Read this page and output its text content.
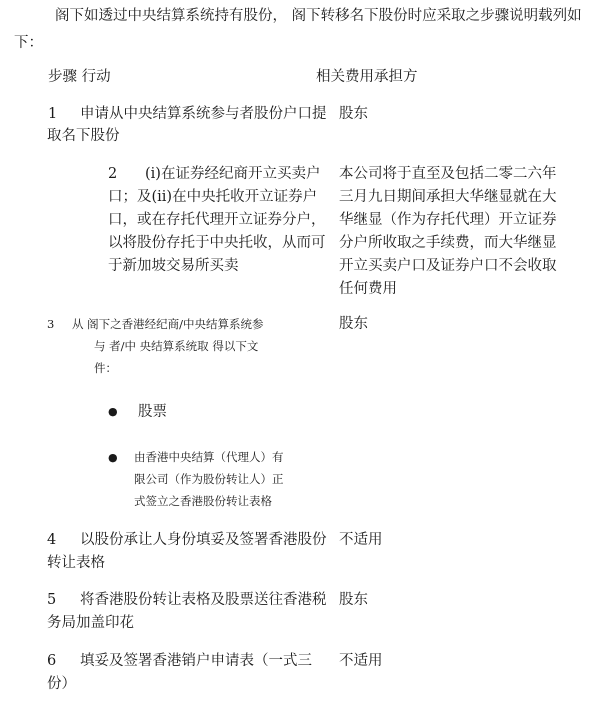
阁下如透过中央结算系统持有股份， 阁下转移名下股份时应采取之步骤说明载列如
下：
步骤 行动	相关费用承担方
1 申请从中央结算系统参与者股份户口提
取名下股份
股东
2 (i)在证券经纪商开立买卖户
口；及(ii)在中央托收开立证券户
口，或在存托代理开立证券分户，
以将股份存托于中央托收，从而可
于新加坡交易所买卖
本公司将于直至及包括二零二六年
三月九日期间承担大华继显就在大
华继显（作为存托代理）开立证券
分户所收取之手续费，而大华继显
开立买卖户口及证券户口不会收取
任何费用
3 从 阁下之香港经纪商/中央结算系统参
与 者/中 央结算系统取 得以下文
件：
股东
● 股票
● 由香港中央结算（代理人）有
限公司（作为股份转让人）正
式签立之香港股份转让表格
4 以股份承让人身份填妥及签署香港股份
转让表格
不适用
5 将香港股份转让表格及股票送往香港税
务局加盖印花
股东
6 填妥及签署香港销户申请表（一式三
份）
不适用
